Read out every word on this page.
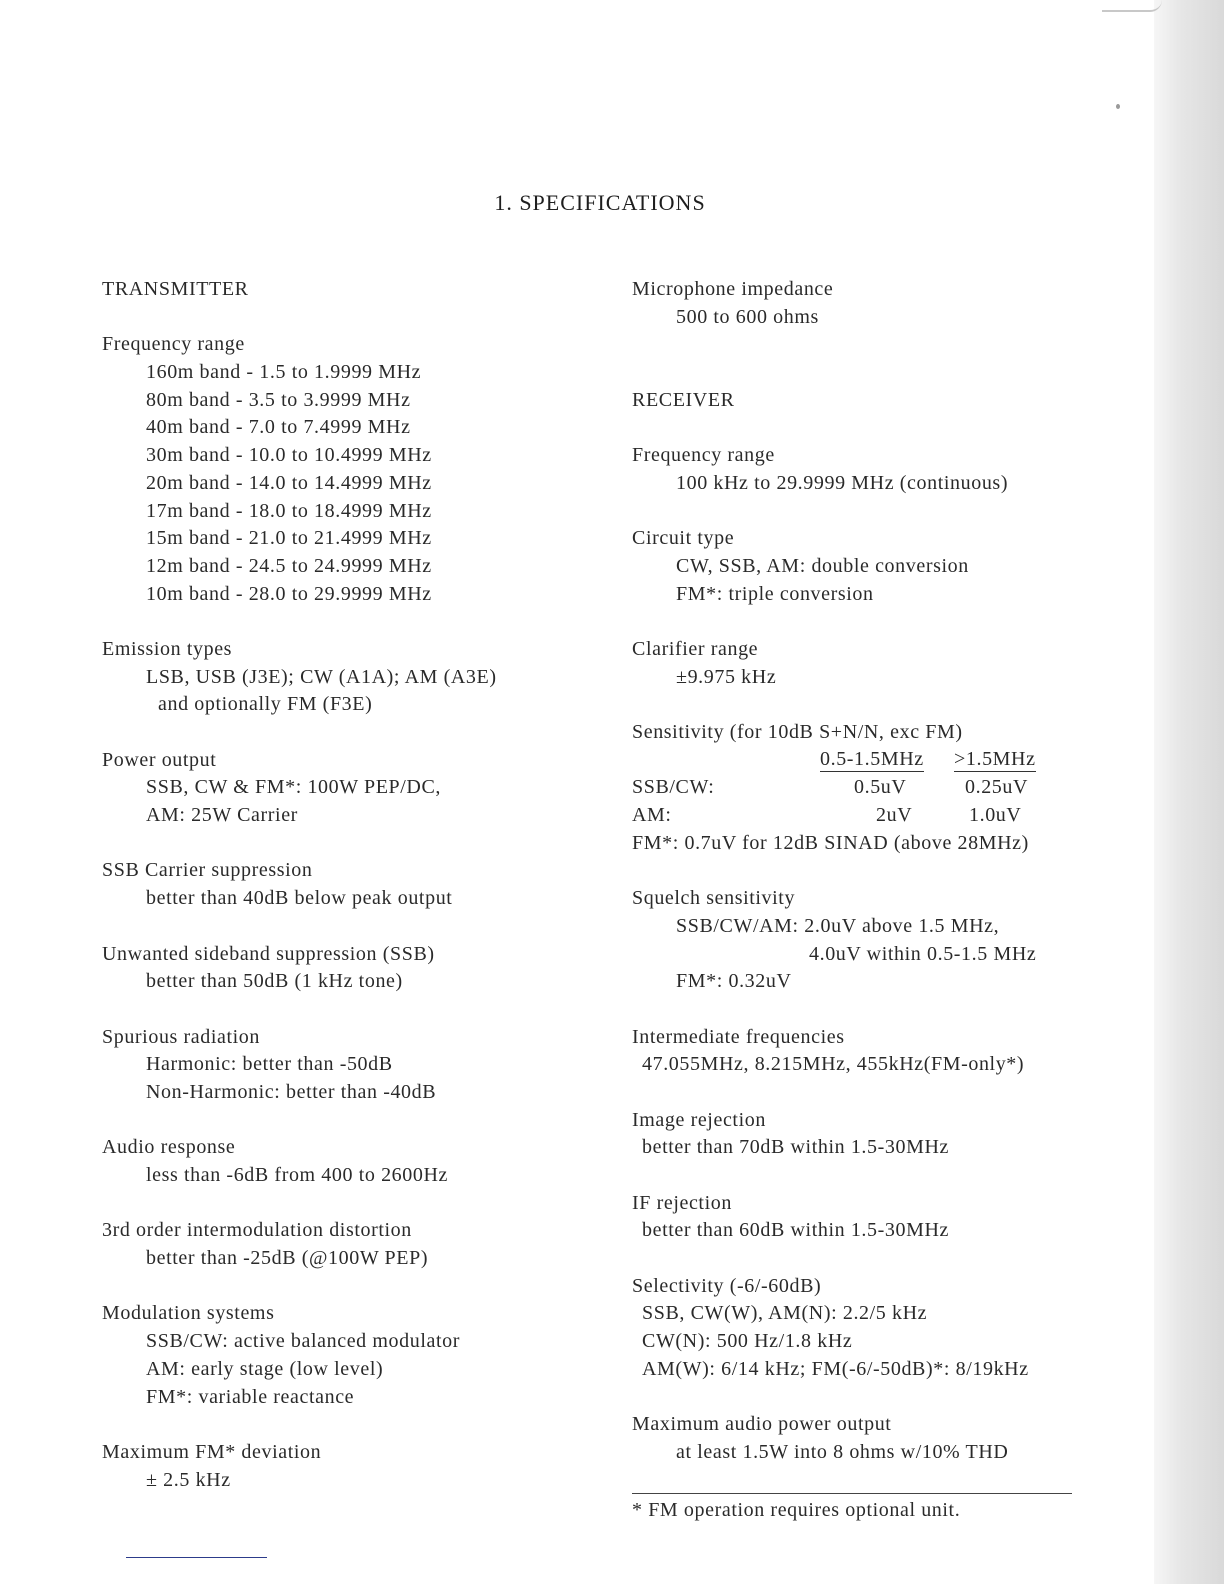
1. SPECIFICATIONS
TRANSMITTER
Frequency range
160m band - 1.5 to 1.9999 MHz
80m band - 3.5 to 3.9999 MHz
40m band - 7.0 to 7.4999 MHz
30m band - 10.0 to 10.4999 MHz
20m band - 14.0 to 14.4999 MHz
17m band - 18.0 to 18.4999 MHz
15m band - 21.0 to 21.4999 MHz
12m band - 24.5 to 24.9999 MHz
10m band - 28.0 to 29.9999 MHz
Emission types
LSB, USB (J3E); CW (A1A); AM (A3E)
and optionally FM (F3E)
Power output
SSB, CW & FM*: 100W PEP/DC,
AM: 25W Carrier
SSB Carrier suppression
better than 40dB below peak output
Unwanted sideband suppression (SSB)
better than 50dB (1 kHz tone)
Spurious radiation
Harmonic: better than -50dB
Non-Harmonic: better than -40dB
Audio response
less than -6dB from 400 to 2600Hz
3rd order intermodulation distortion
better than -25dB (@100W PEP)
Modulation systems
SSB/CW: active balanced modulator
AM: early stage (low level)
FM*: variable reactance
Maximum FM* deviation
± 2.5 kHz
Microphone impedance
500 to 600 ohms
RECEIVER
Frequency range
100 kHz to 29.9999 MHz (continuous)
Circuit type
CW, SSB, AM: double conversion
FM*: triple conversion
Clarifier range
±9.975 kHz
Sensitivity (for 10dB S+N/N, exc FM)
0.5-1.5MHz >1.5MHz
SSB/CW:	0.5uV	0.25uV
AM:	2uV	1.0uV
FM*: 0.7uV for 12dB SINAD (above 28MHz)
Squelch sensitivity
SSB/CW/AM: 2.0uV above 1.5 MHz,
4.0uV within 0.5-1.5 MHz
FM*: 0.32uV
Intermediate frequencies
47.055MHz, 8.215MHz, 455kHz(FM-only*)
Image rejection
better than 70dB within 1.5-30MHz
IF rejection
better than 60dB within 1.5-30MHz
Selectivity (-6/-60dB)
SSB, CW(W), AM(N): 2.2/5 kHz
CW(N): 500 Hz/1.8 kHz
AM(W): 6/14 kHz; FM(-6/-50dB)*: 8/19kHz
Maximum audio power output
at least 1.5W into 8 ohms w/10% THD
* FM operation requires optional unit.
